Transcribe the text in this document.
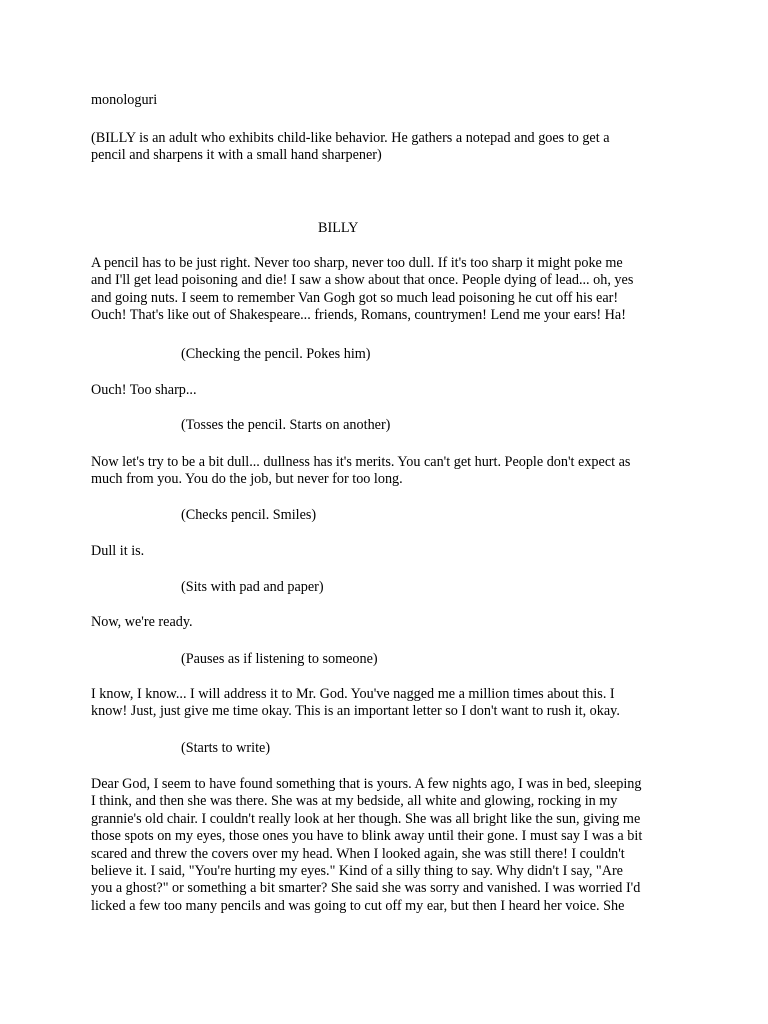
monologuri
(BILLY is an adult who exhibits child-like behavior. He gathers a notepad and goes to get a
pencil and sharpens it with a small hand sharpener)
BILLY
A pencil has to be just right. Never too sharp, never too dull. If it's too sharp it might poke me
and I'll get lead poisoning and die! I saw a show about that once. People dying of lead... oh, yes
and going nuts. I seem to remember Van Gogh got so much lead poisoning he cut off his ear!
Ouch! That's like out of Shakespeare... friends, Romans, countrymen! Lend me your ears! Ha!
(Checking the pencil. Pokes him)
Ouch! Too sharp...
(Tosses the pencil. Starts on another)
Now let's try to be a bit dull... dullness has it's merits. You can't get hurt. People don't expect as
much from you. You do the job, but never for too long.
(Checks pencil. Smiles)
Dull it is.
(Sits with pad and paper)
Now, we're ready.
(Pauses as if listening to someone)
I know, I know... I will address it to Mr. God. You've nagged me a million times about this. I
know! Just, just give me time okay. This is an important letter so I don't want to rush it, okay.
(Starts to write)
Dear God, I seem to have found something that is yours. A few nights ago, I was in bed, sleeping
I think, and then she was there. She was at my bedside, all white and glowing, rocking in my
grannie's old chair. I couldn't really look at her though. She was all bright like the sun, giving me
those spots on my eyes, those ones you have to blink away until their gone. I must say I was a bit
scared and threw the covers over my head. When I looked again, she was still there! I couldn't
believe it. I said, "You're hurting my eyes." Kind of a silly thing to say. Why didn't I say, "Are
you a ghost?" or something a bit smarter? She said she was sorry and vanished. I was worried I'd
licked a few too many pencils and was going to cut off my ear, but then I heard her voice. She
